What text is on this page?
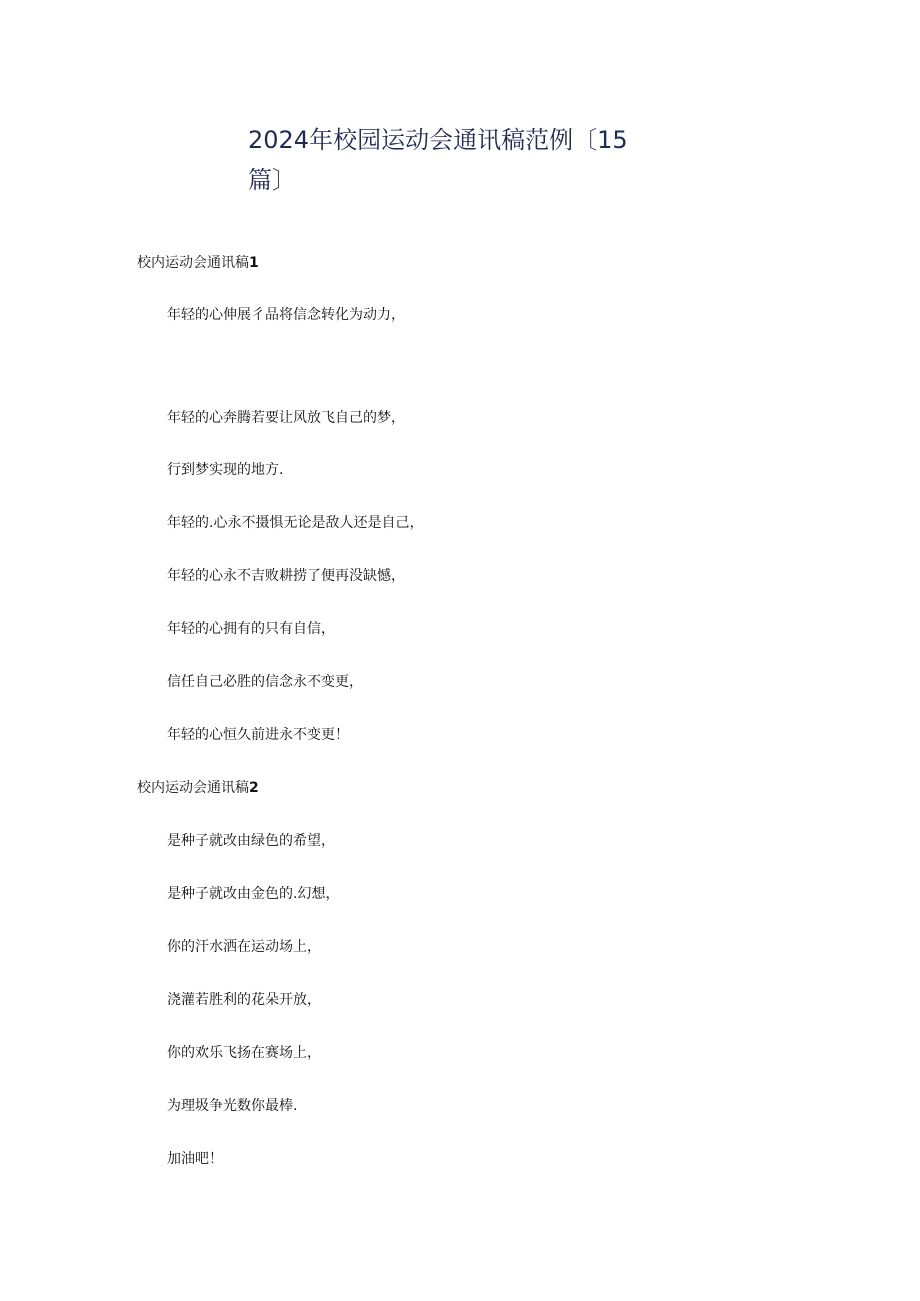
2024年校园运动会通讯稿范例〔15
篇〕
校内运动会通讯稿1

年轻的心伸展彳品将信念转化为动力，

年轻的心奔腾若要让风放飞自己的梦，

行到梦实现的地方.

年轻的.心永不摄惧无论是敌人还是自己，

年轻的心永不吉败耕捞了便再没缺憾，

年轻的心拥有的只有自信，

信任自己必胜的信念永不变更，

年轻的心恒久前进永不变更！

校内运动会通讯稿2

是种子就改由绿色的希望，

是种子就改由金色的.幻想，

你的汗水洒在运动场上，

浇灌若胜利的花朵开放，

你的欢乐飞扬在赛场上，

为理圾争光数你最棒.

加油吧！
